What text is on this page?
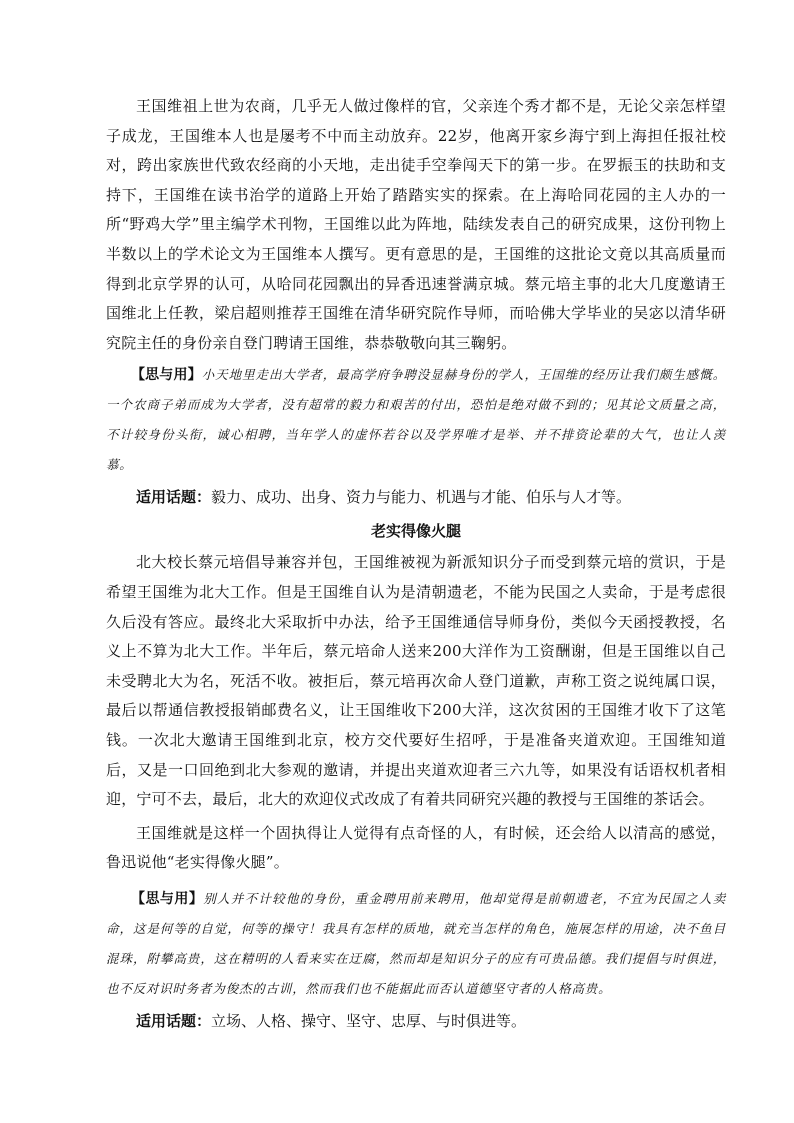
王国维祖上世为农商，几乎无人做过像样的官，父亲连个秀才都不是，无论父亲怎样望子成龙，王国维本人也是屡考不中而主动放弃。22岁，他离开家乡海宁到上海担任报社校对，跨出家族世代致农经商的小天地，走出徒手空拳闯天下的第一步。在罗振玉的扶助和支持下，王国维在读书治学的道路上开始了踏踏实实的探索。在上海哈同花园的主人办的一所“野鸡大学”里主编学术刊物，王国维以此为阵地，陆续发表自己的研究成果，这份刊物上半数以上的学术论文为王国维本人撰写。更有意思的是，王国维的这批论文竟以其高质量而得到北京学界的认可，从哈同花园飘出的异香迅速誉满京城。蔡元培主事的北大几度邀请王国维北上任教，梁启超则推荐王国维在清华研究院作导师，而哈佛大学毕业的吴宓以清华研究院主任的身份亲自登门聘请王国维，恭恭敬敬向其三鞠躬。

【思与用】小天地里走出大学者，最高学府争聘没显赫身份的学人，王国维的经历让我们颇生感慨。一个农商子弟而成为大学者，没有超常的毅力和艰苦的付出，恐怕是绝对做不到的；见其论文质量之高，不计较身份头衔，诚心相聘，当年学人的虚怀若谷以及学界唯才是举、并不排资论辈的大气，也让人羡慕。

适用话题：毅力、成功、出身、资力与能力、机遇与才能、伯乐与人才等。

老实得像火腿

北大校长蔡元培倡导兼容并包，王国维被视为新派知识分子而受到蔡元培的赏识，于是希望王国维为北大工作。但是王国维自认为是清朝遗老，不能为民国之人卖命，于是考虑很久后没有答应。最终北大采取折中办法，给予王国维通信导师身份，类似今天函授教授，名义上不算为北大工作。半年后，蔡元培命人送来200大洋作为工资酬谢，但是王国维以自己未受聘北大为名，死活不收。被拒后，蔡元培再次命人登门道歉，声称工资之说纯属口误，最后以帮通信教授报销邮费名义，让王国维收下200大洋，这次贫困的王国维才收下了这笔钱。一次北大邀请王国维到北京，校方交代要好生招呼，于是准备夹道欢迎。王国维知道后，又是一口回绝到北大参观的邀请，并提出夹道欢迎者三六九等，如果没有话语权机者相迎，宁可不去，最后，北大的欢迎仪式改成了有着共同研究兴趣的教授与王国维的茶话会。

王国维就是这样一个固执得让人觉得有点奇怪的人，有时候，还会给人以清高的感觉，鲁迅说他“老实得像火腿”。

【思与用】别人并不计较他的身份，重金聘用前来聘用，他却觉得是前朝遗老，不宜为民国之人卖命，这是何等的自觉，何等的操守！我具有怎样的质地，就充当怎样的角色，施展怎样的用途，决不鱼目混珠，附攀高贵，这在精明的人看来实在迂腐，然而却是知识分子的应有可贵品德。我们提倡与时俱进，也不反对识时务者为俊杰的古训，然而我们也不能据此而否认道德坚守者的人格高贵。

适用话题：立场、人格、操守、坚守、忠厚、与时俱进等。
